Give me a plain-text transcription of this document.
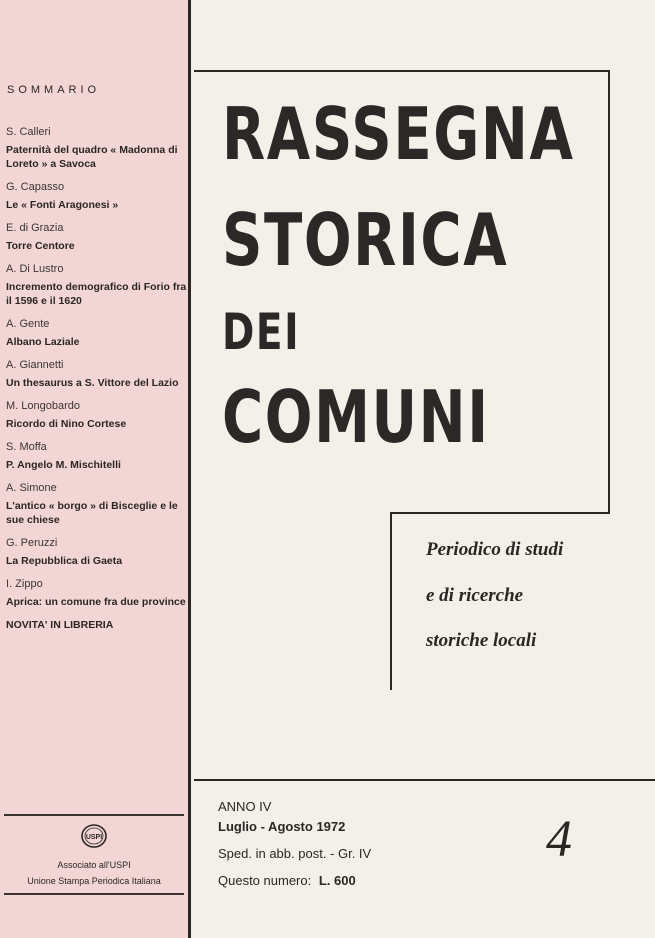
SOMMARIO
S. Calleri
Paternità del quadro « Madonna di Loreto » a Savoca
G. Capasso
Le « Fonti Aragonesi »
E. di Grazia
Torre Centore
A. Di Lustro
Incremento demografico di Forio fra il 1596 e il 1620
A. Gente
Albano Laziale
A. Giannetti
Un thesaurus a S. Vittore del Lazio
M. Longobardo
Ricordo di Nino Cortese
S. Moffa
P. Angelo M. Mischitelli
A. Simone
L'antico « borgo » di Bisceglie e le sue chiese
G. Peruzzi
La Repubblica di Gaeta
I. Zippo
Aprica: un comune fra due province
NOVITA' IN LIBRERIA
USPI
Associato all'USPI
Unione Stampa Periodica Italiana
RASSEGNA
STORICA
DEI
COMUNI
Periodico di studi
e di ricerche
storiche locali
ANNO IV
Luglio - Agosto 1972
Sped. in abb. post. - Gr. IV
Questo numero: L. 600
4
